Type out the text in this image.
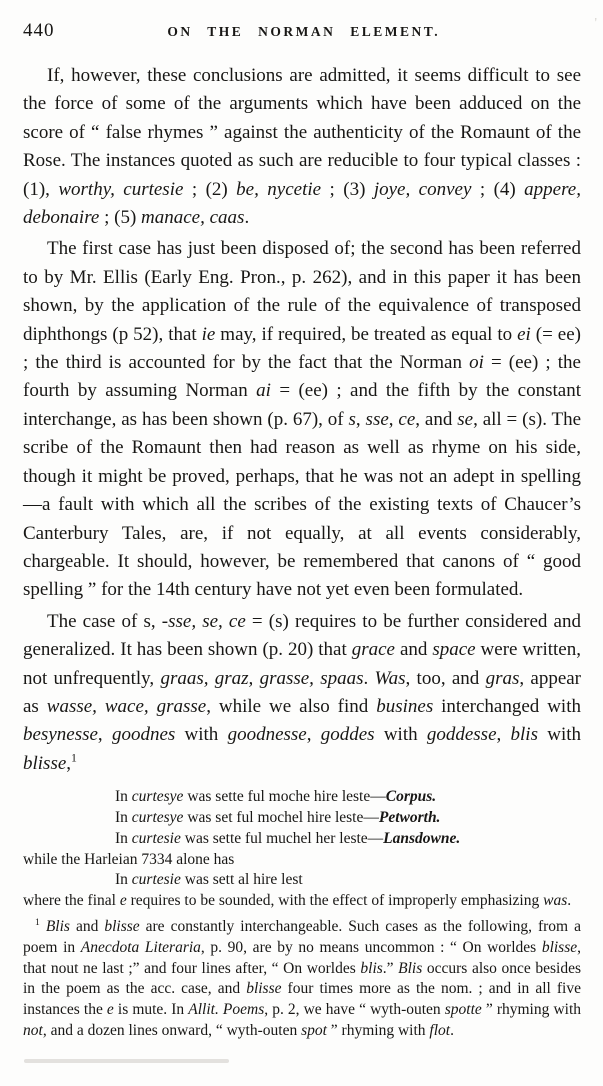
'
440	ON THE NORMAN ELEMENT.

If, however, these conclusions are admitted, it seems difficult to see the force of some of the arguments which have been adduced on the score of “ false rhymes ” against the authenticity of the Romaunt of the Rose. The instances quoted as such are reducible to four typical classes : (1), worthy, curtesie ; (2) be, nycetie ; (3) joye, convey ; (4) appere, debonaire ; (5) manace, caas.

The first case has just been disposed of; the second has been referred to by Mr. Ellis (Early Eng. Pron., p. 262), and in this paper it has been shown, by the application of the rule of the equivalence of transposed diphthongs (p 52), that ie may, if required, be treated as equal to ei (= ee) ; the third is accounted for by the fact that the Norman oi = (ee) ; the fourth by assuming Norman ai = (ee) ; and the fifth by the constant interchange, as has been shown (p. 67), of s, sse, ce, and se, all = (s). The scribe of the Romaunt then had reason as well as rhyme on his side, though it might be proved, perhaps, that he was not an adept in spelling—a fault with which all the scribes of the existing texts of Chaucer’s Canterbury Tales, are, if not equally, at all events considerably, chargeable. It should, however, be remembered that canons of “ good spelling ” for the 14th century have not yet even been formulated.

The case of s, -sse, se, ce = (s) requires to be further considered and generalized. It has been shown (p. 20) that grace and space were written, not unfrequently, graas, graz, grasse, spaas. Was, too, and gras, appear as wasse, wace, grasse, while we also find busines interchanged with besynesse, goodnes with goodnesse, goddes with goddesse, blis with blisse,$^1$

In curtesye was sette ful moche hire leste—Corpus.
In curtesye was set ful mochel hire leste—Petworth.
In curtesie was sette ful muchel her leste—Lansdowne.
while the Harleian 7334 alone has
In curtesie was sett al hire lest
where the final e requires to be sounded, with the effect of improperly emphasizing was.
$^1$ Blis and blisse are constantly interchangeable. Such cases as the following, from a poem in Anecdota Literaria, p. 90, are by no means uncommon : “ On worldes blisse, that nout ne last ;” and four lines after, “ On worldes blis.” Blis occurs also once besides in the poem as the acc. case, and blisse four times more as the nom. ; and in all five instances the e is mute. In Allit. Poems, p. 2, we have “ wyth-outen spotte ” rhyming with not, and a dozen lines onward, “ wyth-outen spot ” rhyming with flot.
